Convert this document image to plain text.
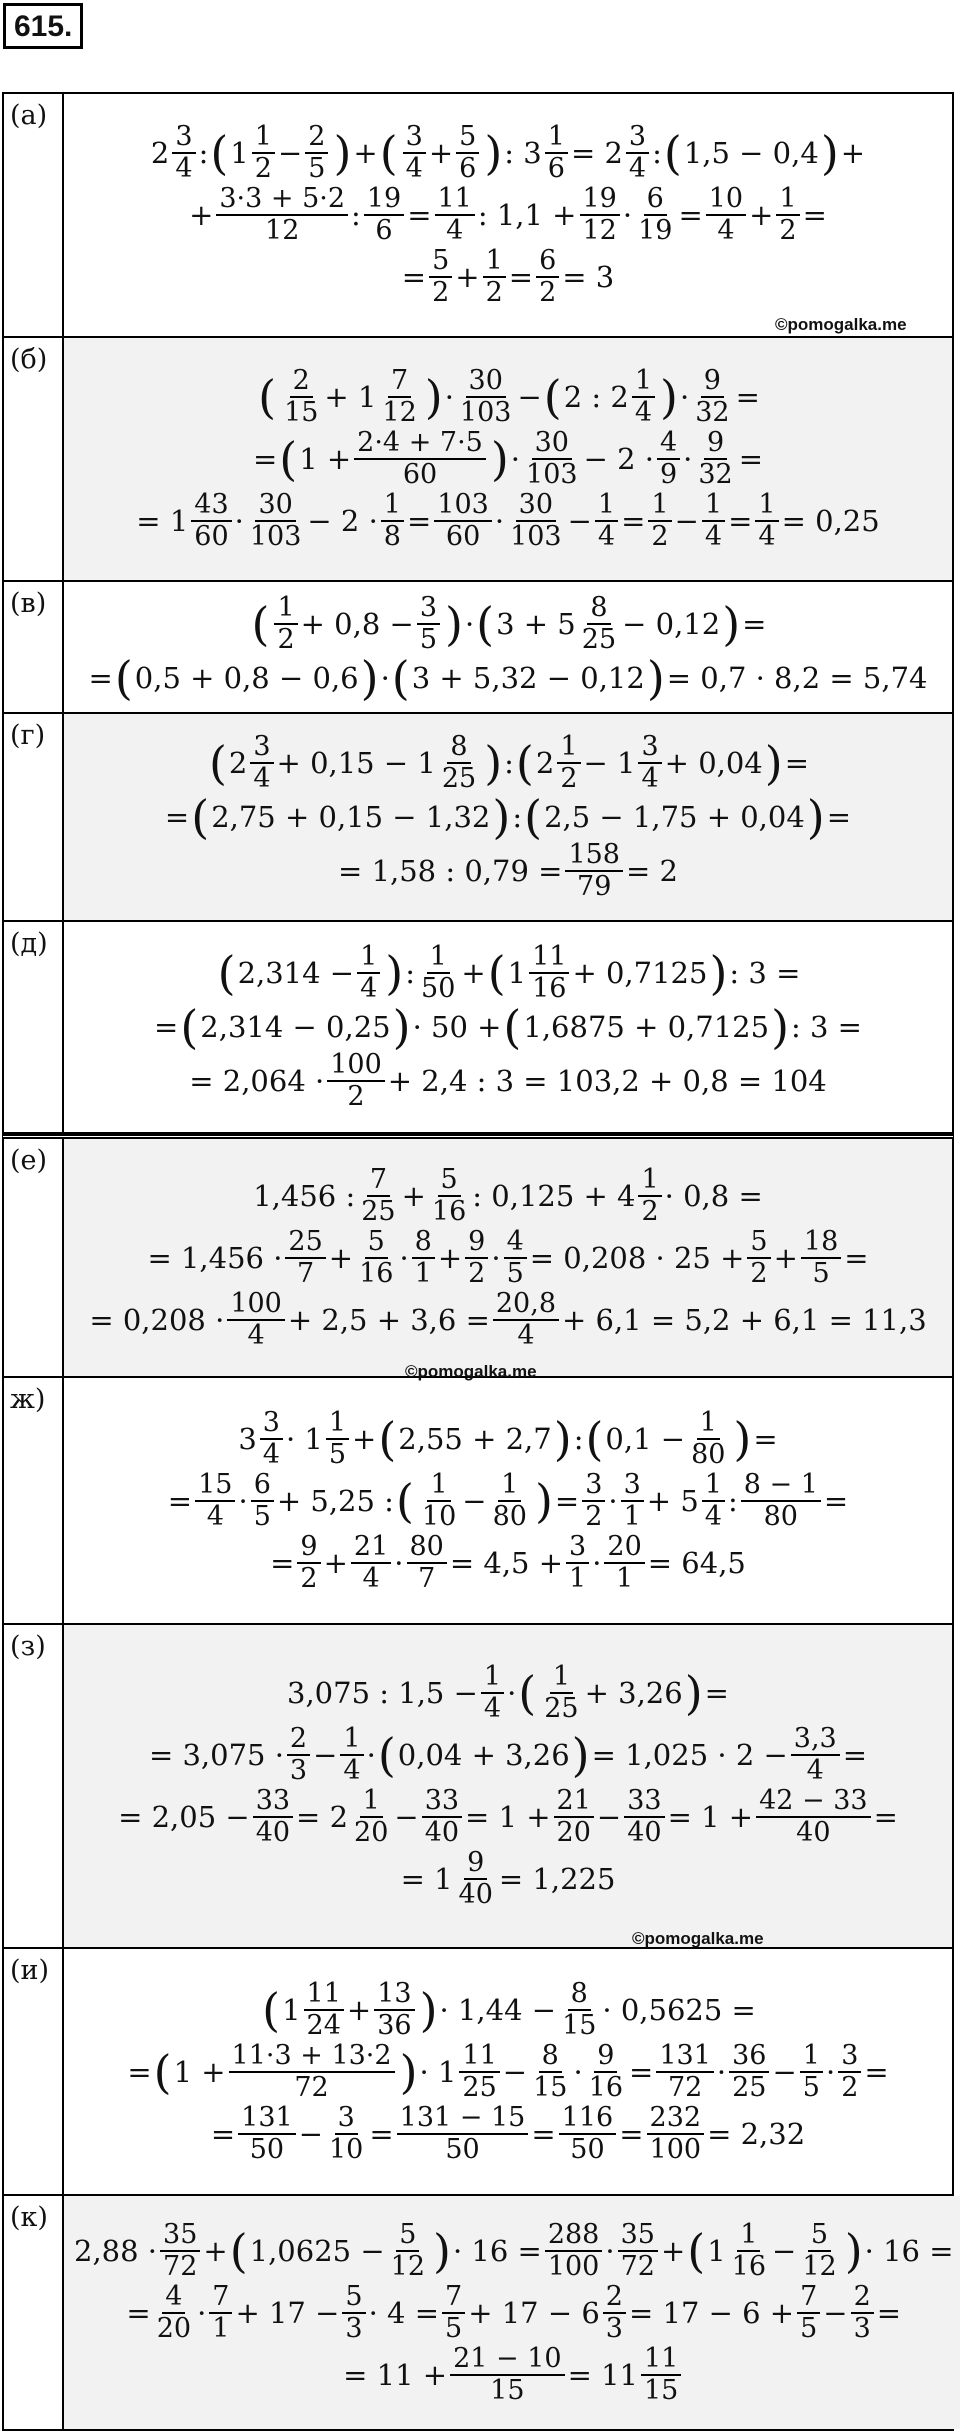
615.
(а)
$2 \frac{3}{4}$ : ( $1 \frac{1}{2} - \frac{2}{5}$ ) + ( $\frac{3}{4} + \frac{5}{6}$ ) : $3 \frac{1}{6} = 2 \frac{3}{4}$ : ( 1,5 − 0,4 ) +
+ $\frac{3\cdot 3 + 5\cdot 2}{12}$ : $\frac{19}{6} = \frac{11}{4}$ : $1,1 + \frac{19}{12} \cdot \frac{6}{19} = \frac{10}{4} + \frac{1}{2}$ =
= $\frac{5}{2} + \frac{1}{2} = \frac{6}{2} = 3$
(б)
( $\frac{2}{15} + 1 \frac{7}{12}$ ) · $\frac{30}{103}$ − ( 2 : $2 \frac{1}{4}$ ) · $\frac{9}{32}$ =
= ( $1 + \frac{2\cdot 4 + 7\cdot 5}{60}$ ) · $\frac{30}{103} - 2 \cdot \frac{4}{9} \cdot \frac{9}{32}$ =
= $1 \frac{43}{60} \cdot \frac{30}{103} - 2 \cdot \frac{1}{8} = \frac{103}{60} \cdot \frac{30}{103} - \frac{1}{4} = \frac{1}{2} - \frac{1}{4} = \frac{1}{4} = 0,25$
(в)	( $\frac{1}{2} + 0,8 - \frac{3}{5}$ ) · ( $3 + 5 \frac{8}{25} - 0,12$ ) =
= ( 0,5 + 0,8 − 0,6 ) · ( 3 + 5,32 − 0,12 ) = 0,7 · 8,2 = 5,74
(г)
( $2 \frac{3}{4} + 0,15 - 1 \frac{8}{25}$ ) : ( $2 \frac{1}{2} - 1 \frac{3}{4} + 0,04$ ) =
= ( 2,75 + 0,15 − 1,32 ) : ( 2,5 − 1,75 + 0,04 ) =
= 1,58 : $0,79 = \frac{158}{79} = 2$
(д)
( $2,314 - \frac{1}{4}$ ) : $\frac{1}{50}$ + ( $1 \frac{11}{16} + 0,7125$ ) : 3 =
= ( 2,314 − 0,25 ) · 50 + ( 1,6875 + 0,7125 ) : 3 =
= $2,064 \cdot \frac{100}{2} + 2,4$ : 3 = 103,2 + 0,8 = 104
(е)
1,456 : $\frac{7}{25} + \frac{5}{16}$ : $0,125 + 4 \frac{1}{2} \cdot 0,8$ =
= $1,456 \cdot \frac{25}{7} + \frac{5}{16} \cdot \frac{8}{1} + \frac{9}{2} \cdot \frac{4}{5} = 0,208 \cdot 25 + \frac{5}{2} + \frac{18}{5}$ =
= $0,208 \cdot \frac{100}{4} + 2,5 + 3,6 = \frac{20,8}{4} + 6,1 = 5,2 + 6,1 = 11,3$
ж)
$3 \frac{3}{4} \cdot 1 \frac{1}{5}$ + ( 2,55 + 2,7 ) : ( $0,1 - \frac{1}{80}$ ) =
= $\frac{15}{4} \cdot \frac{6}{5} + 5,25$ : ( $\frac{1}{10} - \frac{1}{80}$ ) = $\frac{3}{2} \cdot \frac{3}{1} + 5 \frac{1}{4}$ : $\frac{8 - 1}{80}$ =
= $\frac{9}{2} + \frac{21}{4} \cdot \frac{80}{7} = 4,5 + \frac{3}{1} \cdot \frac{20}{1} = 64,5$
(з)
3,075 : $1,5 - \frac{1}{4}$ · ( $\frac{1}{25} + 3,26$ ) =
= $3,075 \cdot \frac{2}{3} - \frac{1}{4}$ · ( 0,04 + 3,26 ) = $1,025 \cdot 2 - \frac{3,3}{4}$ =
= $2,05 - \frac{33}{40} = 2 \frac{1}{20} - \frac{33}{40} = 1 + \frac{21}{20} - \frac{33}{40} = 1 + \frac{42 - 33}{40}$ =
= $1 \frac{9}{40} = 1,225$
(и)
( $1 \frac{11}{24} + \frac{13}{36}$ ) · $1,44 - \frac{8}{15} \cdot 0,5625$ =
= ( $1 + \frac{11\cdot 3 + 13\cdot 2}{72}$ ) · $1 \frac{11}{25} - \frac{8}{15} \cdot \frac{9}{16} = \frac{131}{72} \cdot \frac{36}{25} - \frac{1}{5} \cdot \frac{3}{2}$ =
= $\frac{131}{50} - \frac{3}{10} = \frac{131 - 15}{50} = \frac{116}{50} = \frac{232}{100} = 2,32$
(к)
$2,88 \cdot \frac{35}{72}$ + ( $1,0625 - \frac{5}{12}$ ) · $16 = \frac{288}{100} \cdot \frac{35}{72}$ + ( $1 \frac{1}{16} - \frac{5}{12}$ ) · 16 =
= $\frac{4}{20} \cdot \frac{7}{1} + 17 - \frac{5}{3} \cdot 4 = \frac{7}{5} + 17 - 6 \frac{2}{3} = 17 - 6 + \frac{7}{5} - \frac{2}{3}$ =
= $11 + \frac{21 - 10}{15} = 11 \frac{11}{15}$
©pomogalka.me
©pomogalka.me
©pomogalka.me
